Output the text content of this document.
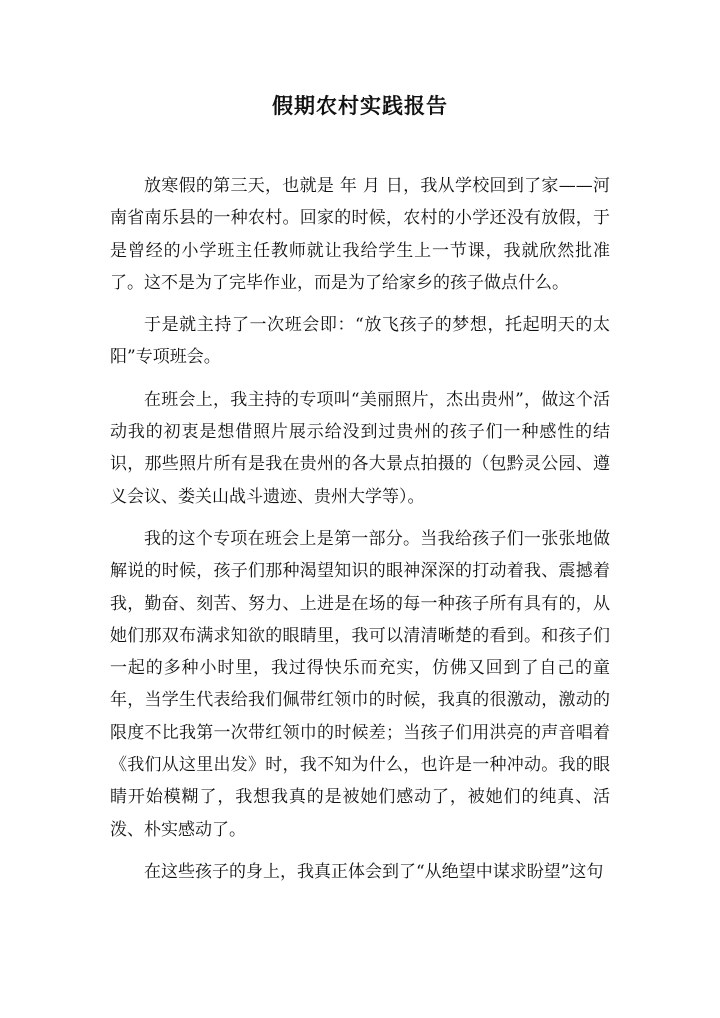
假期农村实践报告

放寒假的第三天，也就是 年 月 日，我从学校回到了家——河南省南乐县的一种农村。回家的时候，农村的小学还没有放假，于是曾经的小学班主任教师就让我给学生上一节课，我就欣然批准了。这不是为了完毕作业，而是为了给家乡的孩子做点什么。

于是就主持了一次班会即：“放飞孩子的梦想，托起明天的太阳”专项班会。

在班会上，我主持的专项叫“美丽照片，杰出贵州”，做这个活动我的初衷是想借照片展示给没到过贵州的孩子们一种感性的结识，那些照片所有是我在贵州的各大景点拍摄的（包黔灵公园、遵义会议、娄关山战斗遗迹、贵州大学等）。

我的这个专项在班会上是第一部分。当我给孩子们一张张地做解说的时候，孩子们那种渴望知识的眼神深深的打动着我、震撼着我，勤奋、刻苦、努力、上进是在场的每一种孩子所有具有的，从她们那双布满求知欲的眼睛里，我可以清清晰楚的看到。和孩子们一起的多种小时里，我过得快乐而充实，仿佛又回到了自己的童年，当学生代表给我们佩带红领巾的时候，我真的很激动，激动的限度不比我第一次带红领巾的时候差；当孩子们用洪亮的声音唱着《我们从这里出发》时，我不知为什么，也许是一种冲动。我的眼睛开始模糊了，我想我真的是被她们感动了，被她们的纯真、活泼、朴实感动了。

在这些孩子的身上，我真正体会到了“从绝望中谋求盼望”这句
